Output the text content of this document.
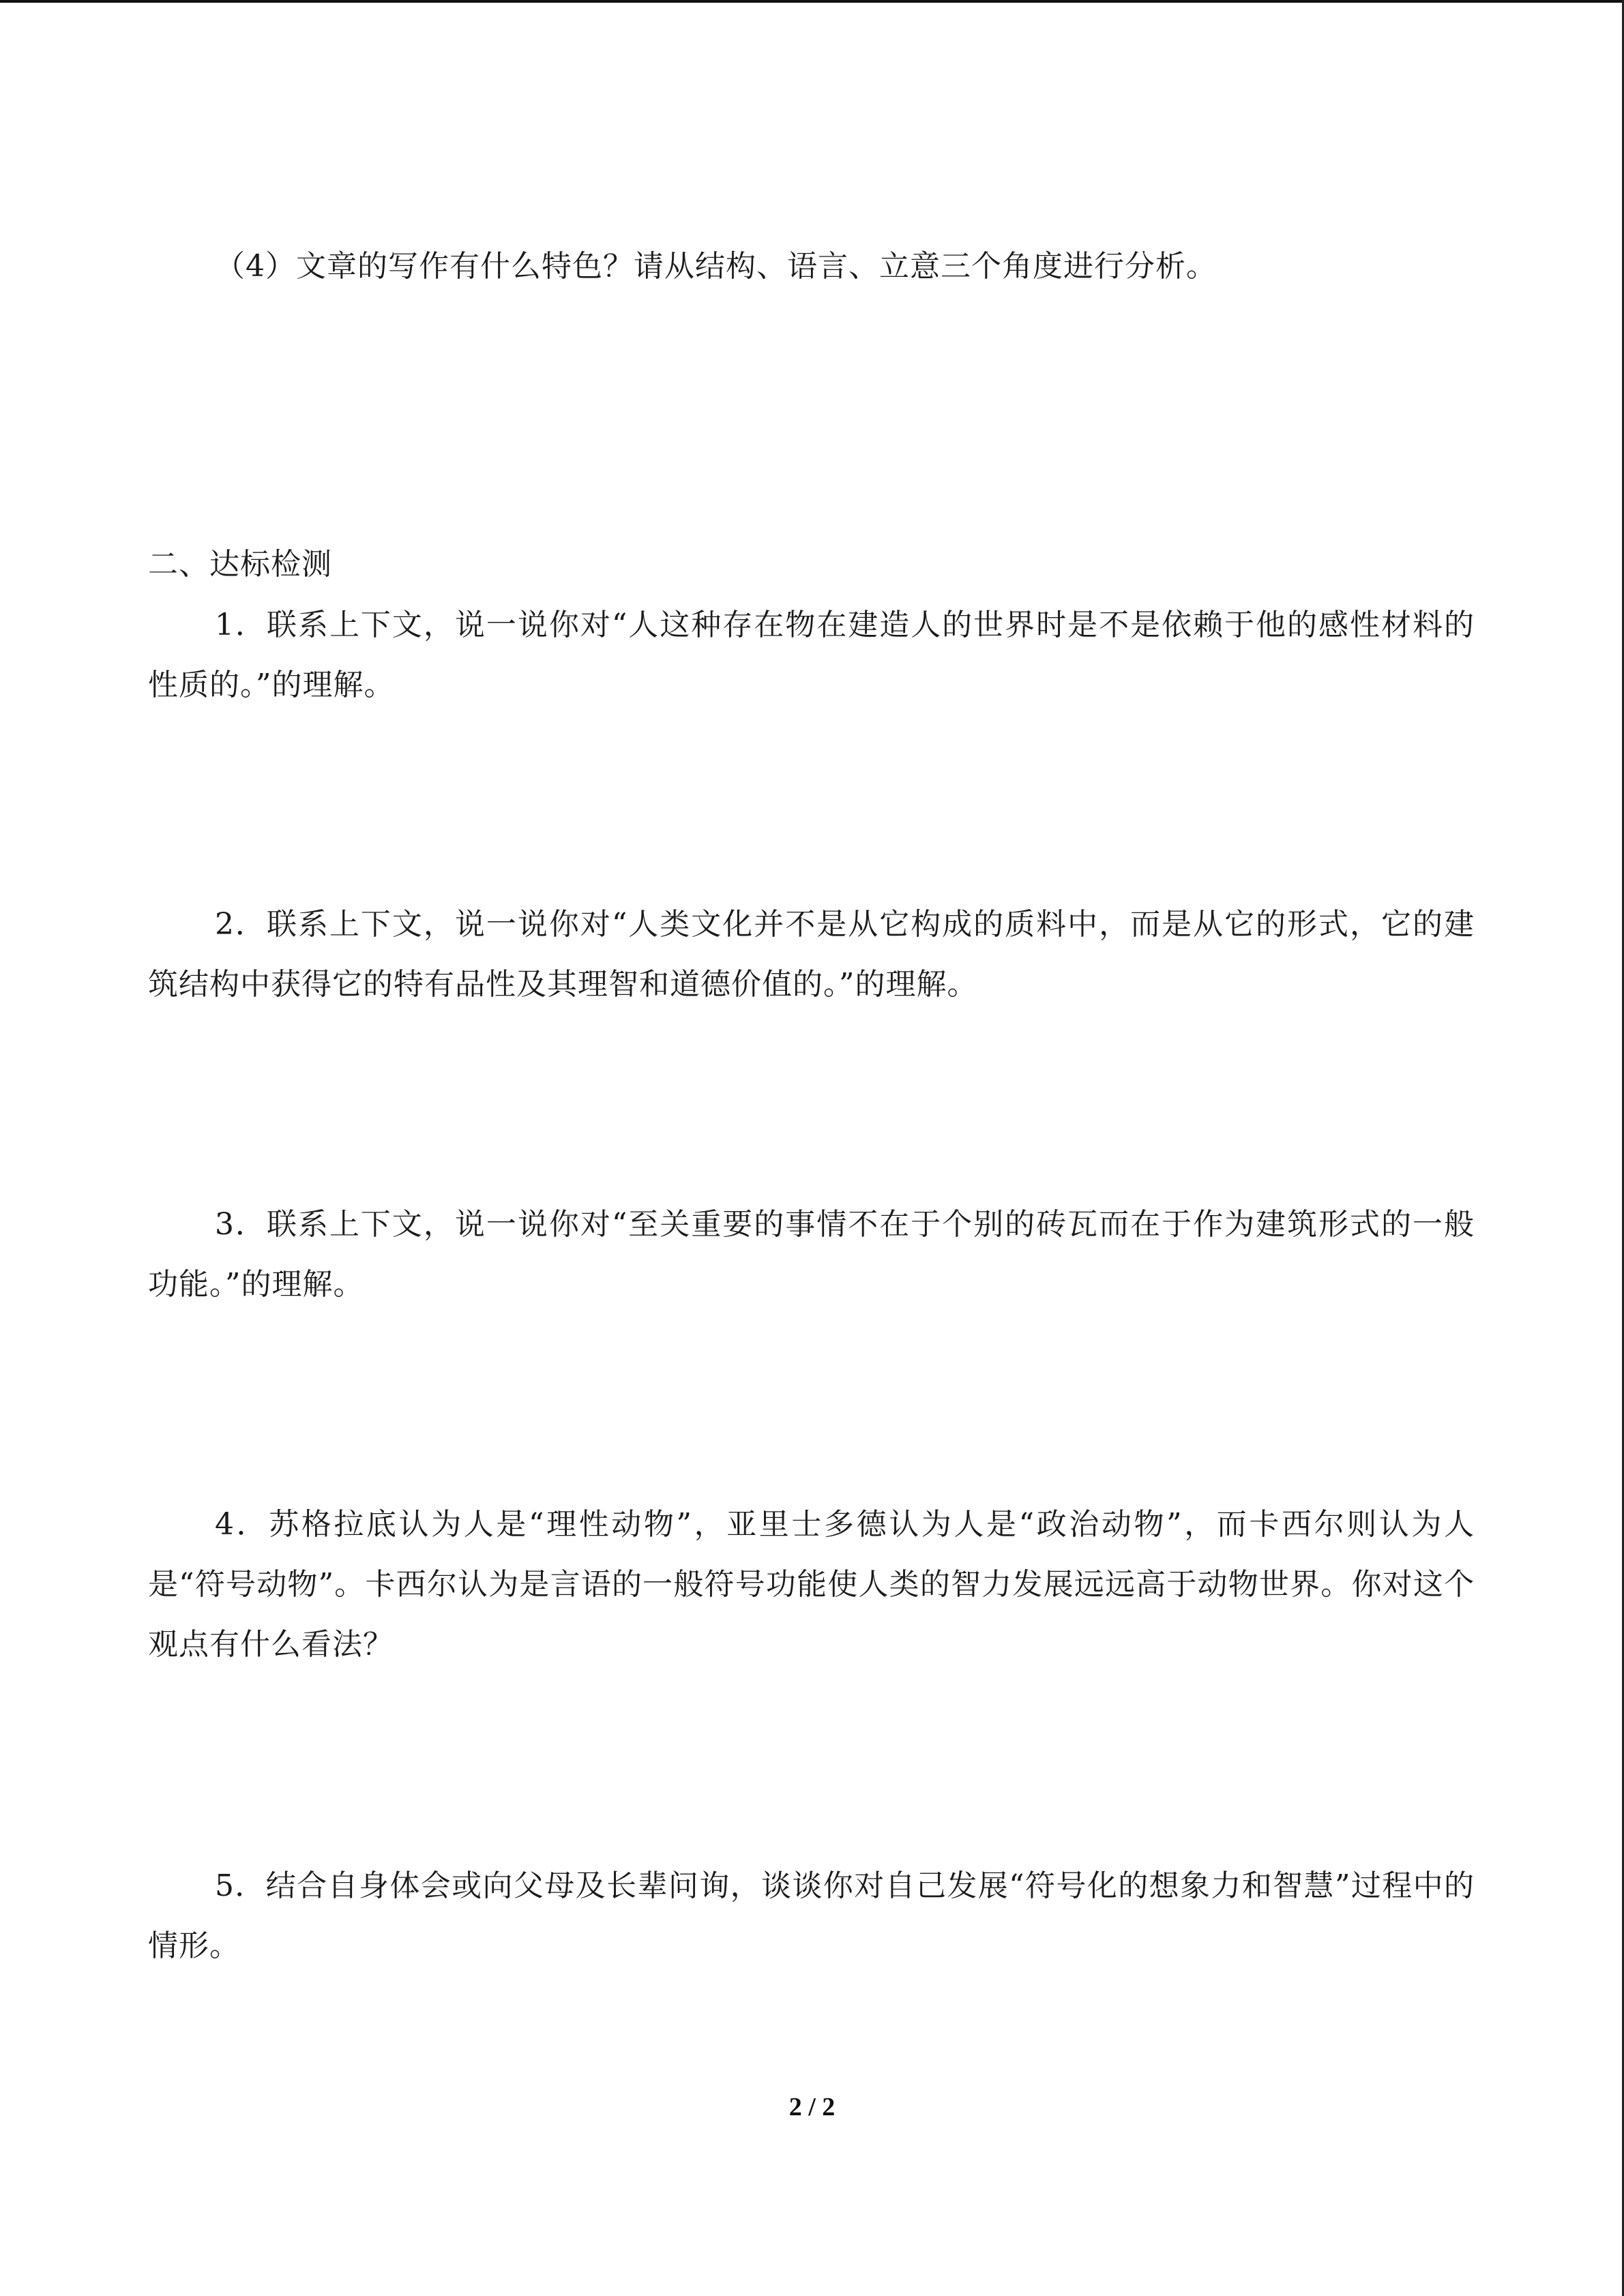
（4）文章的写作有什么特色？请从结构、语言、立意三个角度进行分析。

二、达标检测

1．联系上下文，说一说你对“人这种存在物在建造人的世界时是不是依赖于他的感性材料的性质的。”的理解。

2．联系上下文，说一说你对“人类文化并不是从它构成的质料中，而是从它的形式，它的建筑结构中获得它的特有品性及其理智和道德价值的。”的理解。

3．联系上下文，说一说你对“至关重要的事情不在于个别的砖瓦而在于作为建筑形式的一般功能。”的理解。

4．苏格拉底认为人是“理性动物”，亚里士多德认为人是“政治动物”，而卡西尔则认为人是“符号动物”。卡西尔认为是言语的一般符号功能使人类的智力发展远远高于动物世界。你对这个观点有什么看法？

5．结合自身体会或向父母及长辈问询，谈谈你对自己发展“符号化的想象力和智慧”过程中的情形。

2 / 2
